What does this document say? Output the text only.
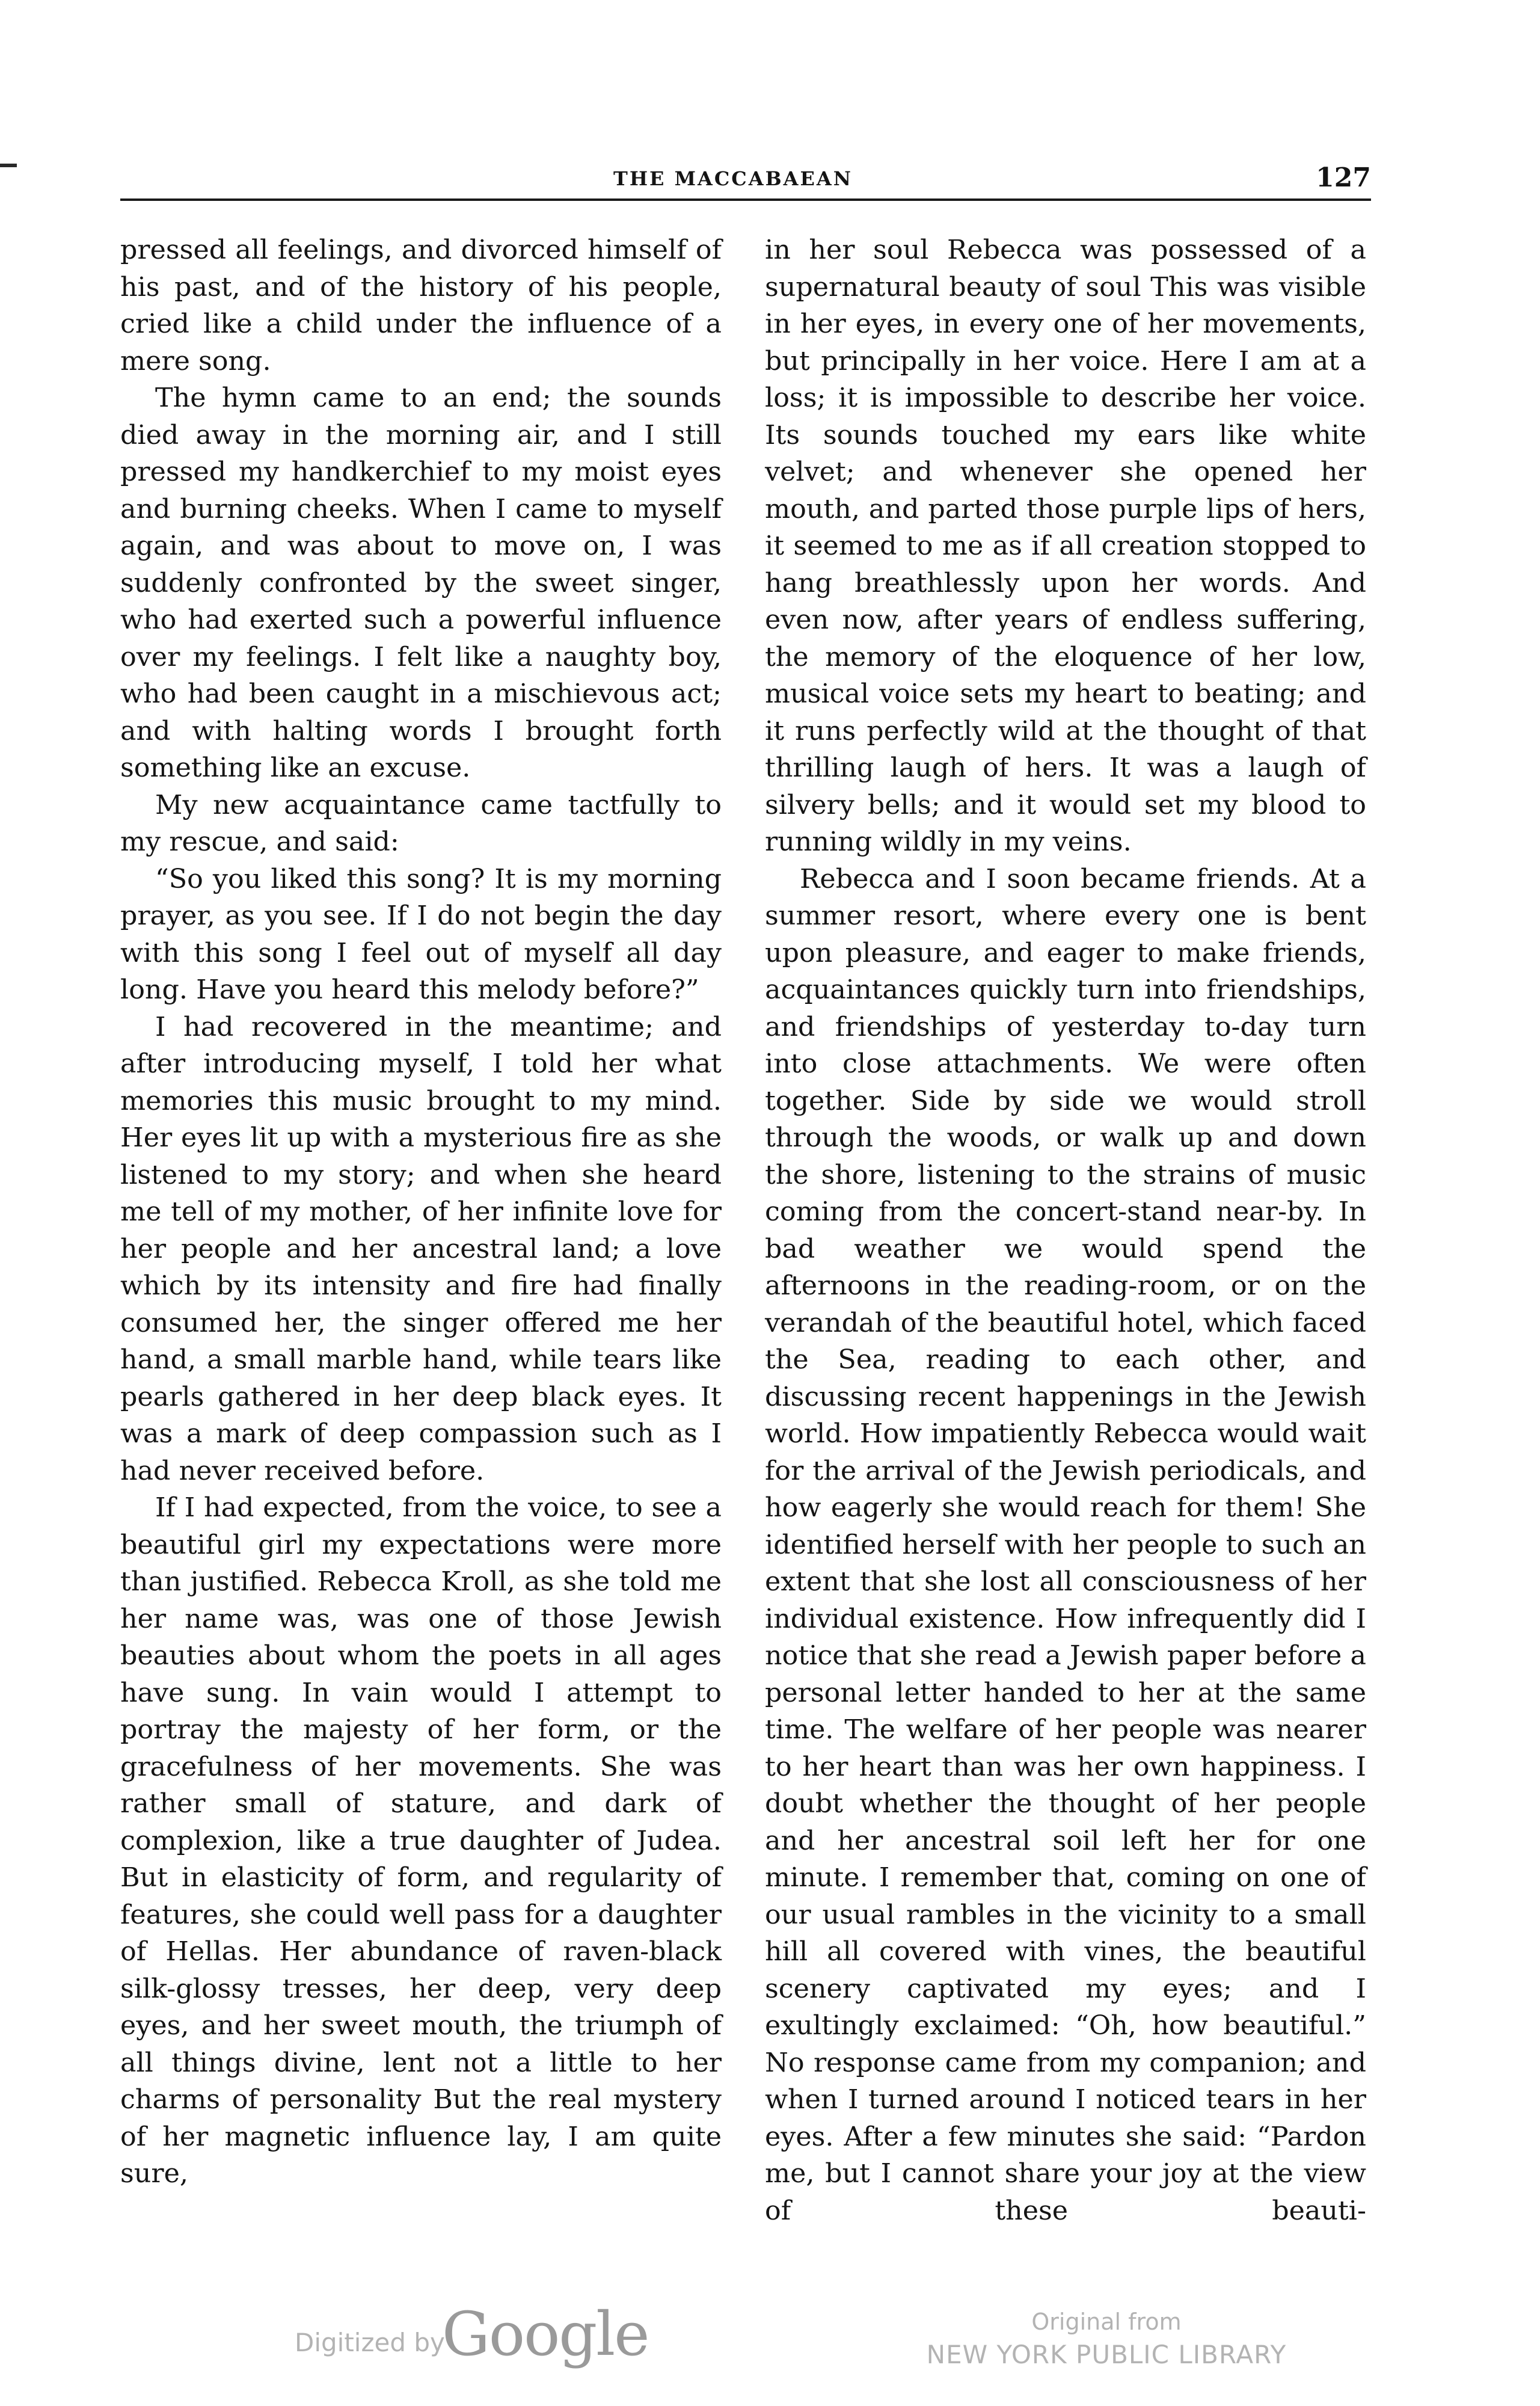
THE MACCABAEAN	127

pressed all feelings, and divorced himself of his past, and of the history of his people, cried like a child under the influence of a mere song.

The hymn came to an end; the sounds died away in the morning air, and I still pressed my handkerchief to my moist eyes and burning cheeks. When I came to myself again, and was about to move on, I was suddenly confronted by the sweet singer, who had exerted such a powerful influence over my feelings. I felt like a naughty boy, who had been caught in a mischievous act; and with halting words I brought forth something like an excuse.

My new acquaintance came tactfully to my rescue, and said:

“So you liked this song? It is my morning prayer, as you see. If I do not begin the day with this song I feel out of myself all day long. Have you heard this melody before?”

I had recovered in the meantime; and after introducing myself, I told her what memories this music brought to my mind. Her eyes lit up with a mysterious fire as she listened to my story; and when she heard me tell of my mother, of her infinite love for her people and her ancestral land; a love which by its intensity and fire had finally consumed her, the singer offered me her hand, a small marble hand, while tears like pearls gathered in her deep black eyes. It was a mark of deep compassion such as I had never received before.

If I had expected, from the voice, to see a beautiful girl my expectations were more than justified. Rebecca Kroll, as she told me her name was, was one of those Jewish beauties about whom the poets in all ages have sung. In vain would I attempt to portray the majesty of her form, or the gracefulness of her movements. She was rather small of stature, and dark of complexion, like a true daughter of Judea. But in elasticity of form, and regularity of features, she could well pass for a daughter of Hellas. Her abundance of raven-black silk-glossy tresses, her deep, very deep eyes, and her sweet mouth, the triumph of all things divine, lent not a little to her charms of personality But the real mystery of her magnetic influence lay, I am quite sure,

in her soul Rebecca was possessed of a supernatural beauty of soul This was visible in her eyes, in every one of her movements, but principally in her voice. Here I am at a loss; it is impossible to describe her voice. Its sounds touched my ears like white velvet; and whenever she opened her mouth, and parted those purple lips of hers, it seemed to me as if all creation stopped to hang breathlessly upon her words. And even now, after years of endless suffering, the memory of the eloquence of her low, musical voice sets my heart to beating; and it runs perfectly wild at the thought of that thrilling laugh of hers. It was a laugh of silvery bells; and it would set my blood to running wildly in my veins.

Rebecca and I soon became friends. At a summer resort, where every one is bent upon pleasure, and eager to make friends, acquaintances quickly turn into friendships, and friendships of yesterday to-day turn into close attachments. We were often together. Side by side we would stroll through the woods, or walk up and down the shore, listening to the strains of music coming from the concert-stand near-by. In bad weather we would spend the afternoons in the reading-room, or on the verandah of the beautiful hotel, which faced the Sea, reading to each other, and discussing recent happenings in the Jewish world. How impatiently Rebecca would wait for the arrival of the Jewish periodicals, and how eagerly she would reach for them! She identified herself with her people to such an extent that she lost all consciousness of her individual existence. How infrequently did I notice that she read a Jewish paper before a personal letter handed to her at the same time. The welfare of her people was nearer to her heart than was her own happiness. I doubt whether the thought of her people and her ancestral soil left her for one minute. I remember that, coming on one of our usual rambles in the vicinity to a small hill all covered with vines, the beautiful scenery captivated my eyes; and I exultingly exclaimed: “Oh, how beautiful.” No response came from my companion; and when I turned around I noticed tears in her eyes. After a few minutes she said: “Pardon me, but I cannot share your joy at the view of these beauti-

Digitized by
Google	Original from
NEW YORK PUBLIC LIBRARY
